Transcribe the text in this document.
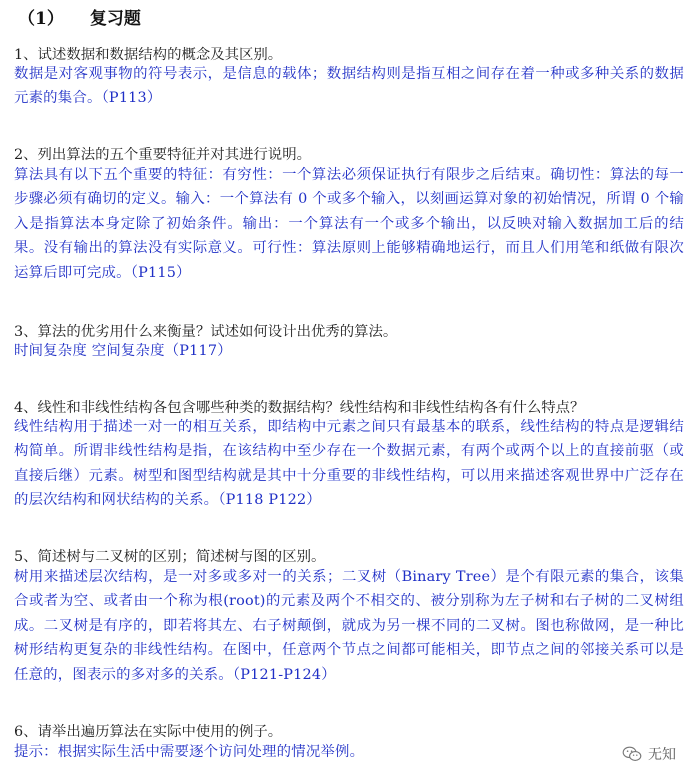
（1） 复习题
1、试述数据和数据结构的概念及其区别。
数据是对客观事物的符号表示，是信息的载体；数据结构则是指互相之间存在着一种或多种关系的数据元素的集合。（P113）
2、列出算法的五个重要特征并对其进行说明。
算法具有以下五个重要的特征：有穷性：一个算法必须保证执行有限步之后结束。确切性：算法的每一步骤必须有确切的定义。输入：一个算法有 0 个或多个输入，以刻画运算对象的初始情况，所谓 0 个输入是指算法本身定除了初始条件。输出：一个算法有一个或多个输出，以反映对输入数据加工后的结果。没有输出的算法没有实际意义。可行性：算法原则上能够精确地运行，而且人们用笔和纸做有限次运算后即可完成。（P115）
3、算法的优劣用什么来衡量？试述如何设计出优秀的算法。
时间复杂度 空间复杂度（P117）
4、线性和非线性结构各包含哪些种类的数据结构？线性结构和非线性结构各有什么特点？
线性结构用于描述一对一的相互关系，即结构中元素之间只有最基本的联系，线性结构的特点是逻辑结构简单。所谓非线性结构是指，在该结构中至少存在一个数据元素，有两个或两个以上的直接前驱（或直接后继）元素。树型和图型结构就是其中十分重要的非线性结构，可以用来描述客观世界中广泛存在的层次结构和网状结构的关系。（P118 P122）
5、简述树与二叉树的区别；简述树与图的区别。
树用来描述层次结构，是一对多或多对一的关系；二叉树（Binary Tree）是个有限元素的集合，该集合或者为空、或者由一个称为根(root)的元素及两个不相交的、被分别称为左子树和右子树的二叉树组成。二叉树是有序的，即若将其左、右子树颠倒，就成为另一棵不同的二叉树。图也称做网，是一种比树形结构更复杂的非线性结构。在图中，任意两个节点之间都可能相关，即节点之间的邻接关系可以是任意的，图表示的多对多的关系。（P121-P124）
6、请举出遍历算法在实际中使用的例子。
提示：根据实际生活中需要逐个访问处理的情况举例。	无知
